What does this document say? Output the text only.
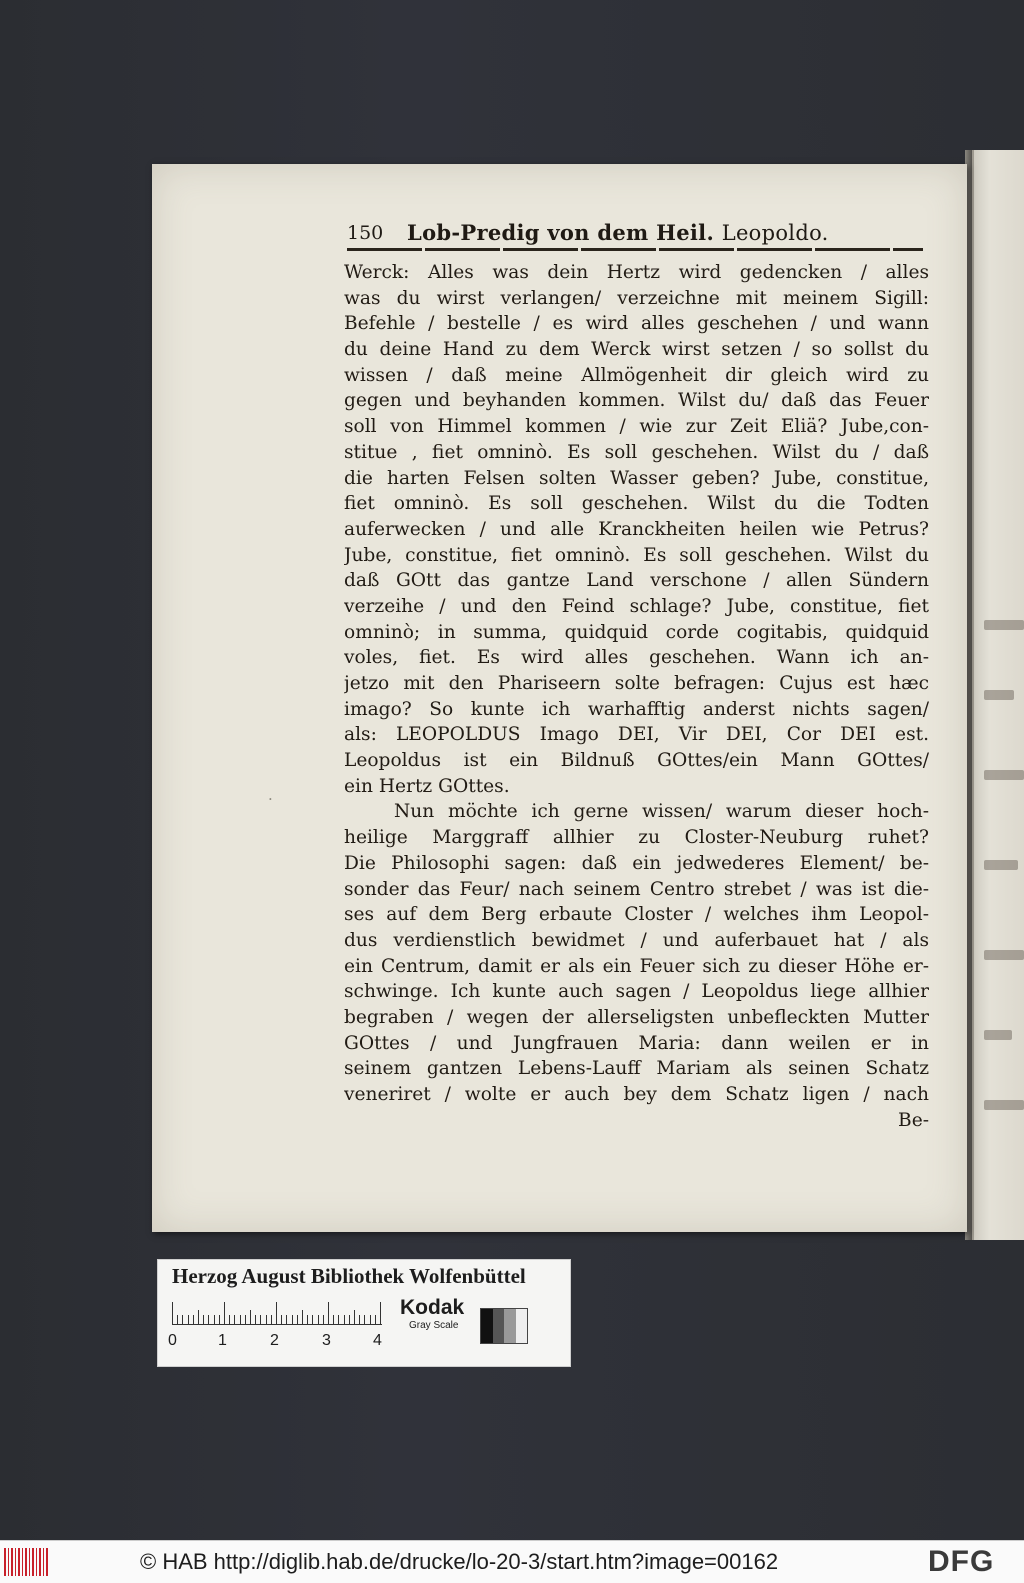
150 Lob-Predig von dem Heil. Leopoldo.
·
Werck: Alles was dein Hertz wird gedencken / alles
was du wirst verlangen/ verzeichne mit meinem Sigill:
Befehle / bestelle / es wird alles geschehen / und wann
du deine Hand zu dem Werck wirst setzen / so sollst du
wissen / daß meine Allmögenheit dir gleich wird zu
gegen und beyhanden kommen. Wilst du/ daß das Feuer
soll von Himmel kommen / wie zur Zeit Eliä? Jube,con-
stitue , fiet omninò. Es soll geschehen. Wilst du / daß
die harten Felsen solten Wasser geben? Jube, constitue,
fiet omninò. Es soll geschehen. Wilst du die Todten
auferwecken / und alle Kranckheiten heilen wie Petrus?
Jube, constitue, fiet omninò. Es soll geschehen. Wilst du
daß GOtt das gantze Land verschone / allen Sündern
verzeihe / und den Feind schlage? Jube, constitue, fiet
omninò; in summa, quidquid corde cogitabis, quidquid
voles, fiet. Es wird alles geschehen. Wann ich an-
jetzo mit den Phariseern solte befragen: Cujus est hæc
imago? So kunte ich warhafftig anderst nichts sagen/
als: LEOPOLDUS Imago DEI, Vir DEI, Cor DEI est.
Leopoldus ist ein Bildnuß GOttes/ein Mann GOttes/
ein Hertz GOttes.
Nun möchte ich gerne wissen/ warum dieser hoch-
heilige Marggraff allhier zu Closter-Neuburg ruhet?
Die Philosophi sagen: daß ein jedwederes Element/ be-
sonder das Feur/ nach seinem Centro strebet / was ist die-
ses auf dem Berg erbaute Closter / welches ihm Leopol-
dus verdienstlich bewidmet / und auferbauet hat / als
ein Centrum, damit er als ein Feuer sich zu dieser Höhe er-
schwinge. Ich kunte auch sagen / Leopoldus liege allhier
begraben / wegen der allerseligsten unbefleckten Mutter
GOttes / und Jungfrauen Maria: dann weilen er in
seinem gantzen Lebens-Lauff Mariam als seinen Schatz
veneriret / wolte er auch bey dem Schatz ligen / nach
Be-
Herzog August Bibliothek Wolfenbüttel
0	1	2	3	4
Kodak
Gray Scale
© HAB http://diglib.hab.de/drucke/lo-20-3/start.htm?image=00162	DFG
